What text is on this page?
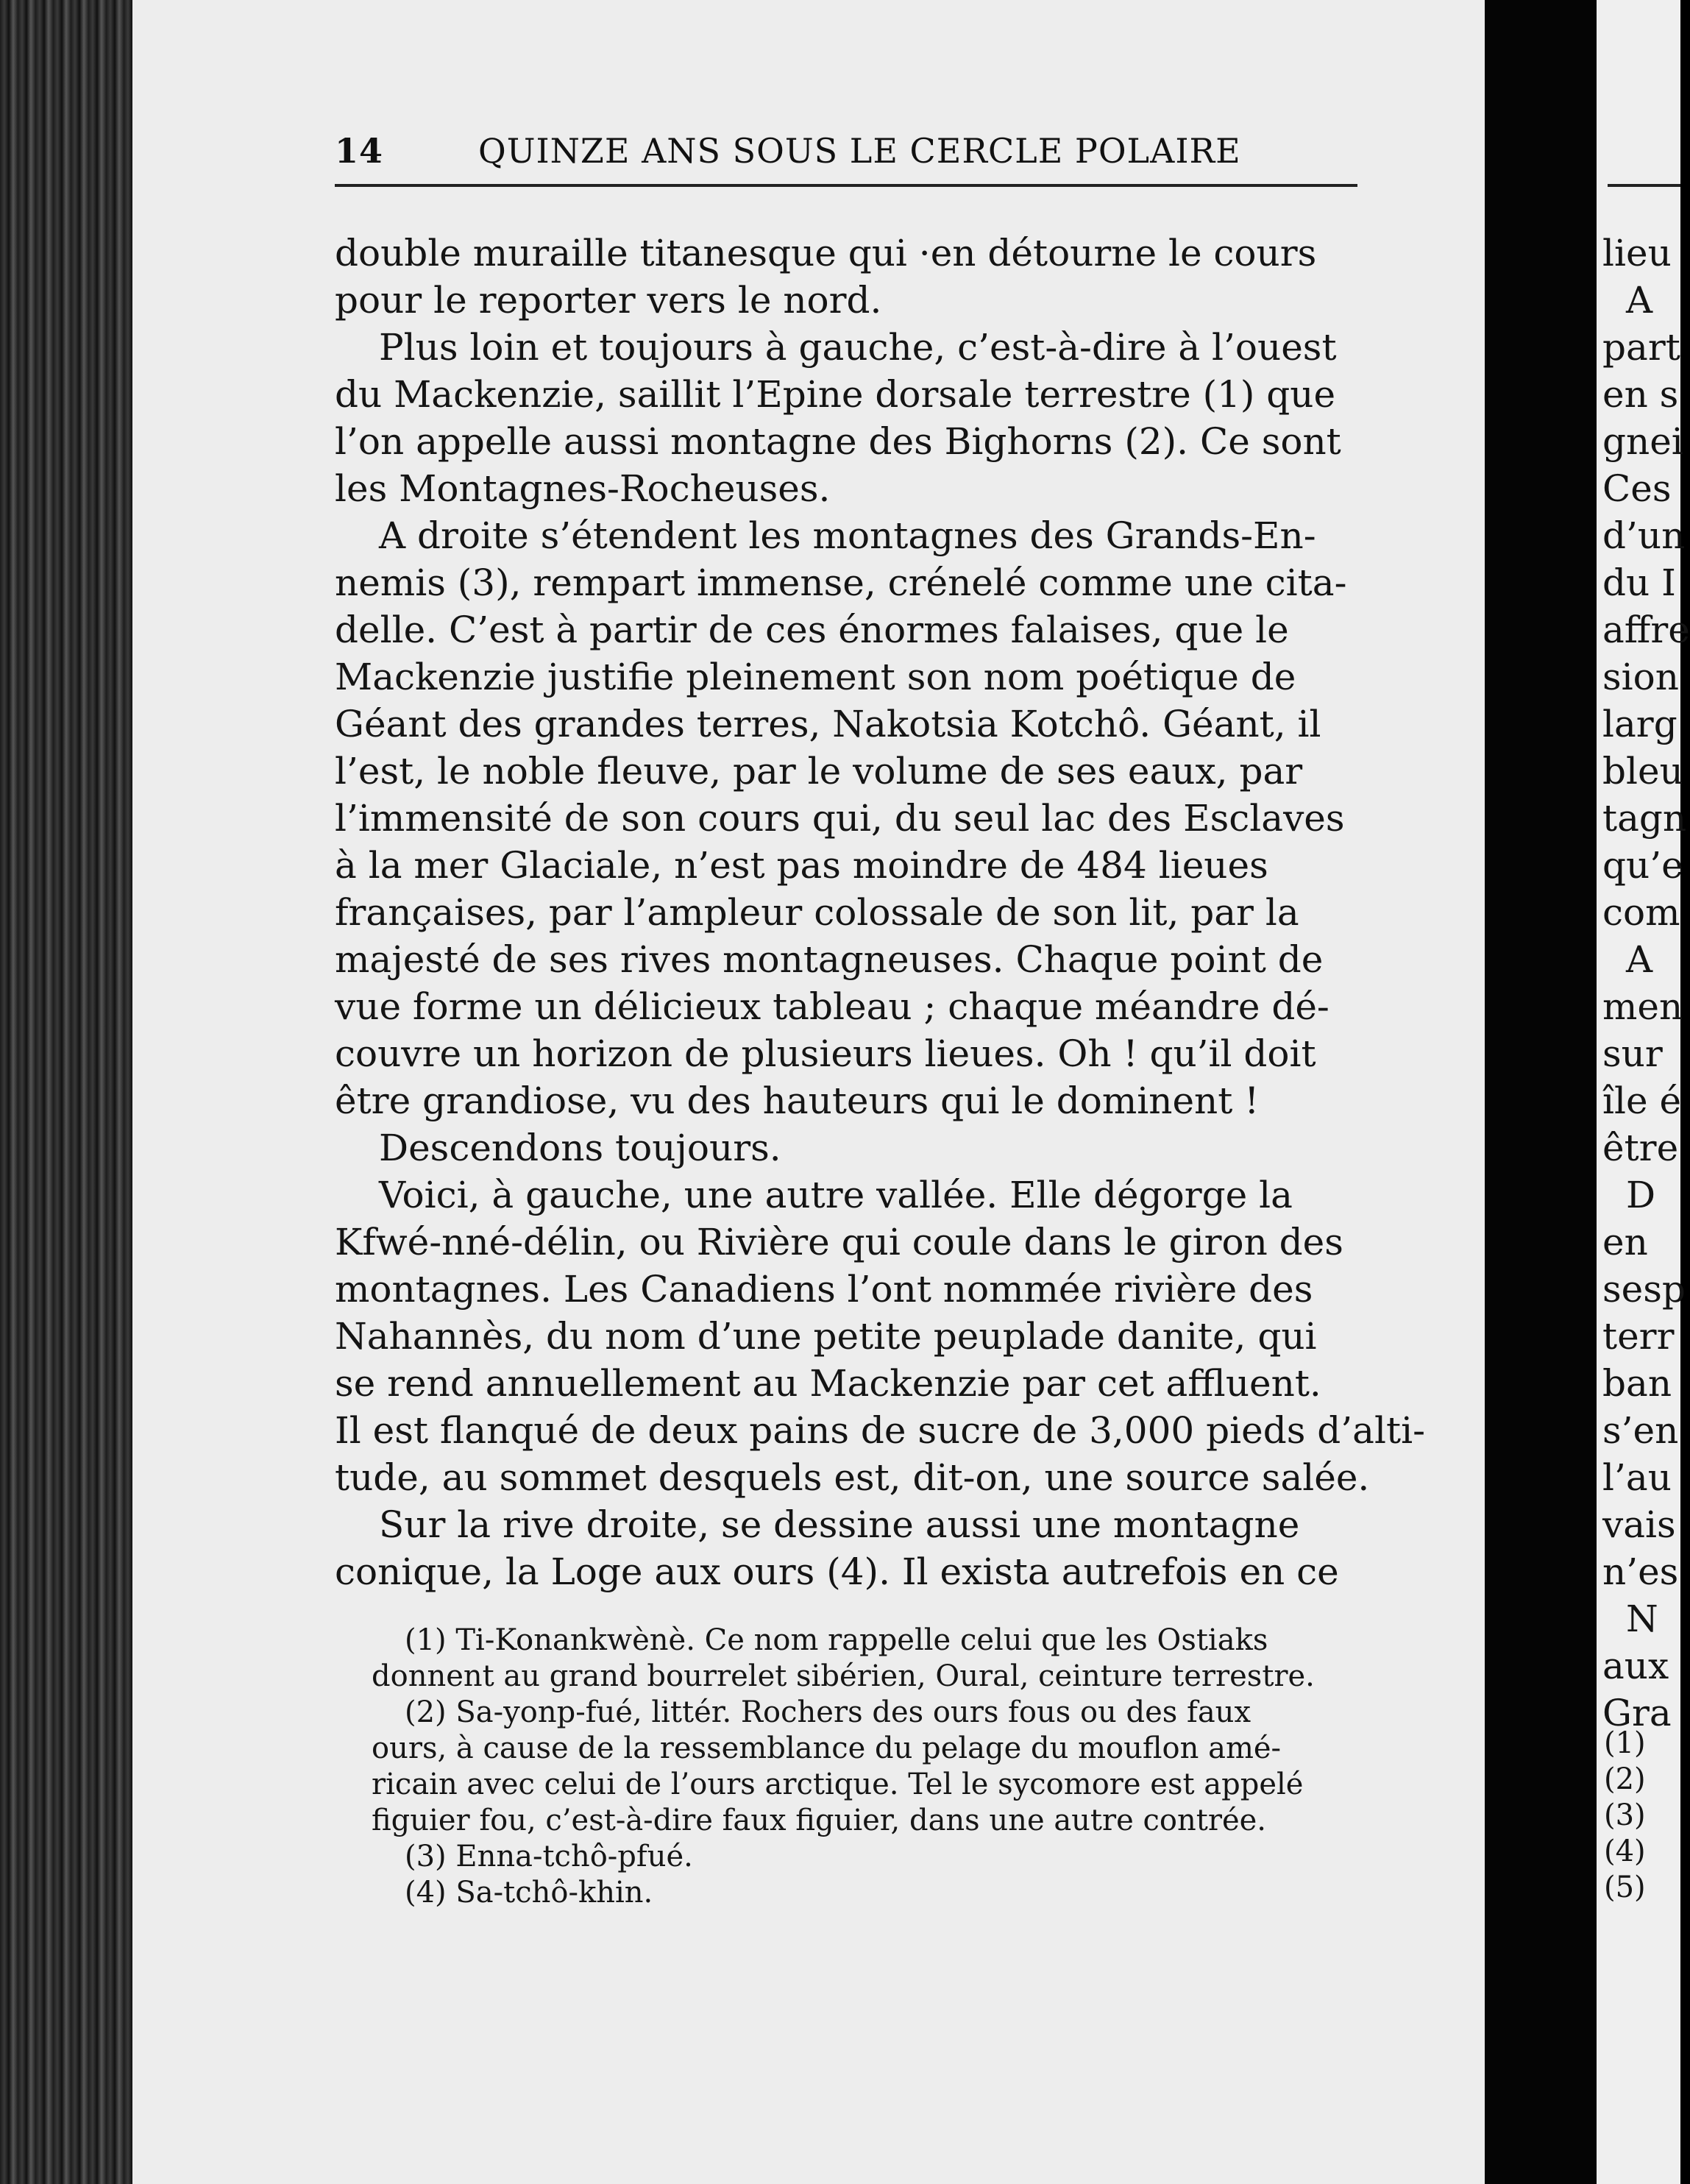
14	QUINZE ANS SOUS LE CERCLE POLAIRE
double muraille titanesque qui ·en détourne le cours
pour le reporter vers le nord.
Plus loin et toujours à gauche, c’est-à-dire à l’ouest
du Mackenzie, saillit l’Epine dorsale terrestre (1) que
l’on appelle aussi montagne des Bighorns (2). Ce sont
les Montagnes-Rocheuses.
A droite s’étendent les montagnes des Grands-En-
nemis (3), rempart immense, crénelé comme une cita-
delle. C’est à partir de ces énormes falaises, que le
Mackenzie justifie pleinement son nom poétique de
Géant des grandes terres, Nakotsia Kotchô. Géant, il
l’est, le noble fleuve, par le volume de ses eaux, par
l’immensité de son cours qui, du seul lac des Esclaves
à la mer Glaciale, n’est pas moindre de 484 lieues
françaises, par l’ampleur colossale de son lit, par la
majesté de ses rives montagneuses. Chaque point de
vue forme un délicieux tableau ; chaque méandre dé-
couvre un horizon de plusieurs lieues. Oh ! qu’il doit
être grandiose, vu des hauteurs qui le dominent !
Descendons toujours.
Voici, à gauche, une autre vallée. Elle dégorge la
Kfwé-nné-délin, ou Rivière qui coule dans le giron des
montagnes. Les Canadiens l’ont nommée rivière des
Nahannès, du nom d’une petite peuplade danite, qui
se rend annuellement au Mackenzie par cet affluent.
Il est flanqué de deux pains de sucre de 3,000 pieds d’alti-
tude, au sommet desquels est, dit-on, une source salée.
Sur la rive droite, se dessine aussi une montagne
conique, la Loge aux ours (4). Il exista autrefois en ce
(1) Ti-Konankwènè. Ce nom rappelle celui que les Ostiaks
donnent au grand bourrelet sibérien, Oural, ceinture terrestre.
(2) Sa-yonp-fué, littér. Rochers des ours fous ou des faux
ours, à cause de la ressemblance du pelage du mouflon amé-
ricain avec celui de l’ours arctique. Tel le sycomore est appelé
figuier fou, c’est-à-dire faux figuier, dans une autre contrée.
(3) Enna-tchô-pfué.
(4) Sa-tchô-khin.
lieu
A
part
en s
gnei
Ces
d’un
du I
affre
sion
larg
bleu
tagn
qu’e
com
A
men
sur
île é
être
D
en
sesp
terr
ban
s’en
l’au
vais
n’es
N
aux
Gra
(1)
(2)
(3)
(4)
(5)
